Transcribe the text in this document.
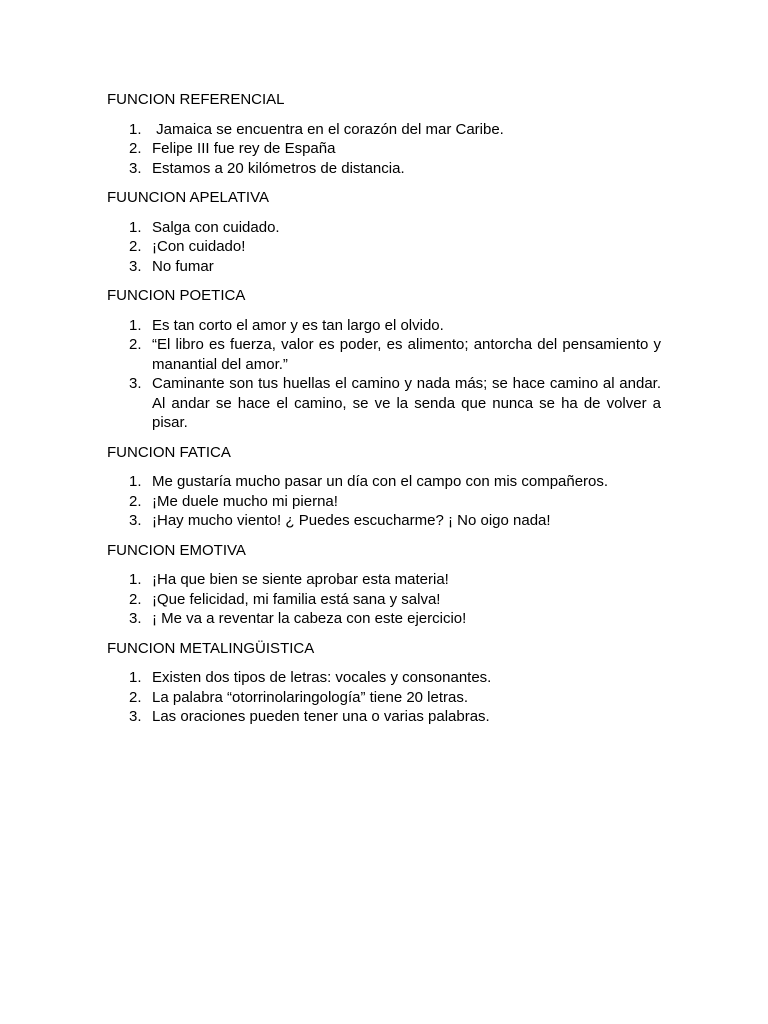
FUNCION REFERENCIAL

1. Jamaica se encuentra en el corazón del mar Caribe.
2. Felipe III fue rey de España
3. Estamos a 20 kilómetros de distancia.

FUUNCION APELATIVA

1. Salga con cuidado.
2. ¡Con cuidado!
3. No fumar

FUNCION POETICA

1. Es tan corto el amor y es tan largo el olvido.
2. “El libro es fuerza, valor es poder, es alimento; antorcha del pensamiento y manantial del amor.”
3. Caminante son tus huellas el camino y nada más; se hace camino al andar. Al andar se hace el camino, se ve la senda que nunca se ha de volver a pisar.

FUNCION FATICA

1. Me gustaría mucho pasar un día con el campo con mis compañeros.
2. ¡Me duele mucho mi pierna!
3. ¡Hay mucho viento! ¿ Puedes escucharme? ¡ No oigo nada!

FUNCION EMOTIVA

1. ¡Ha que bien se siente aprobar esta materia!
2. ¡Que felicidad, mi familia está sana y salva!
3. ¡ Me va a reventar la cabeza con este ejercicio!

FUNCION METALINGÜISTICA

1. Existen dos tipos de letras: vocales y consonantes.
2. La palabra “otorrinolaringología” tiene 20 letras.
3. Las oraciones pueden tener una o varias palabras.
